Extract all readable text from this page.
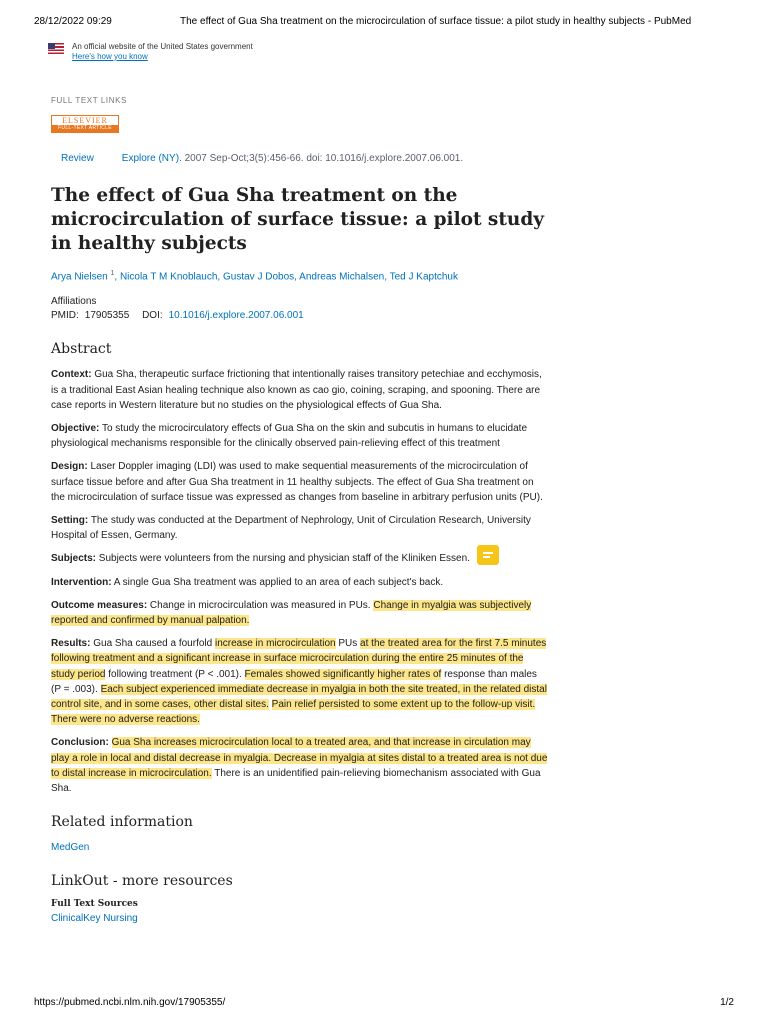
28/12/2022 09:29	The effect of Gua Sha treatment on the microcirculation of surface tissue: a pilot study in healthy subjects - PubMed
An official website of the United States government
Here's how you know
FULL TEXT LINKS
ELSEVIER
FULL-TEXT ARTICLE
Review	Explore (NY). 2007 Sep-Oct;3(5):456-66. doi: 10.1016/j.explore.2007.06.001.
The effect of Gua Sha treatment on the microcirculation of surface tissue: a pilot study in healthy subjects
Arya Nielsen $^1$, Nicola T M Knoblauch, Gustav J Dobos, Andreas Michalsen, Ted J Kaptchuk
Affiliations
PMID: 17905355 DOI: 10.1016/j.explore.2007.06.001
Abstract

Context: Gua Sha, therapeutic surface frictioning that intentionally raises transitory petechiae and ecchymosis, is a traditional East Asian healing technique also known as cao gio, coining, scraping, and spooning. There are case reports in Western literature but no studies on the physiological effects of Gua Sha.

Objective: To study the microcirculatory effects of Gua Sha on the skin and subcutis in humans to elucidate physiological mechanisms responsible for the clinically observed pain-relieving effect of this treatment

Design: Laser Doppler imaging (LDI) was used to make sequential measurements of the microcirculation of surface tissue before and after Gua Sha treatment in 11 healthy subjects. The effect of Gua Sha treatment on the microcirculation of surface tissue was expressed as changes from baseline in arbitrary perfusion units (PU).

Setting: The study was conducted at the Department of Nephrology, Unit of Circulation Research, University Hospital of Essen, Germany.

Subjects: Subjects were volunteers from the nursing and physician staff of the Kliniken Essen.

Intervention: A single Gua Sha treatment was applied to an area of each subject's back.

Outcome measures: Change in microcirculation was measured in PUs. Change in myalgia was subjectively reported and confirmed by manual palpation.

Results: Gua Sha caused a fourfold increase in microcirculation PUs at the treated area for the first 7.5 minutes following treatment and a significant increase in surface microcirculation during the entire 25 minutes of the study period following treatment (P < .001). Females showed significantly higher rates of response than males (P = .003). Each subject experienced immediate decrease in myalgia in both the site treated, in the related distal control site, and in some cases, other distal sites. Pain relief persisted to some extent up to the follow-up visit. There were no adverse reactions.

Conclusion: Gua Sha increases microcirculation local to a treated area, and that increase in circulation may play a role in local and distal decrease in myalgia. Decrease in myalgia at sites distal to a treated area is not due to distal increase in microcirculation. There is an unidentified pain-relieving biomechanism associated with Gua Sha.

Related information
MedGen
LinkOut - more resources
Full Text Sources
ClinicalKey Nursing
https://pubmed.ncbi.nlm.nih.gov/17905355/	1/2
